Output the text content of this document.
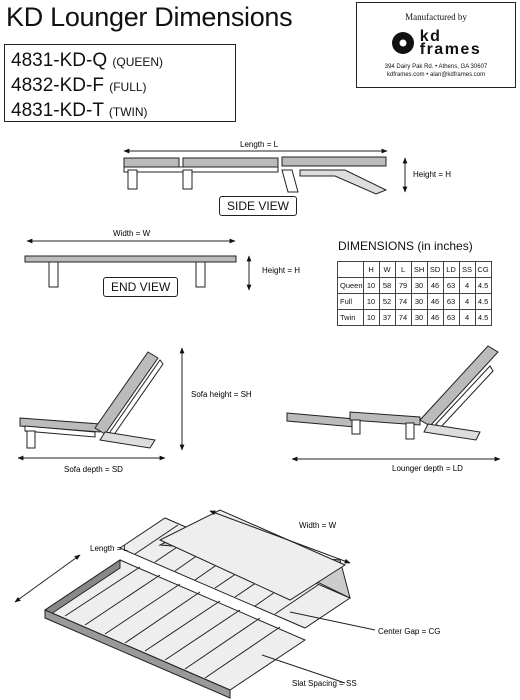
KD Lounger Dimensions
4831-KD-Q (QUEEN)
4832-KD-F (FULL)
4831-KD-T (TWIN)
Manufactured by
kd
frames
394 Dairy Pak Rd. • Athens, GA 30607
kdframes.com • alan@kdframes.com
Length = L
Height = H
Width = W
Height = H
Sofa height = SH
Sofa depth = SD	Lounger depth = LD
Width = W
Length = L
Center Gap = CG
Slat Spacing = SS
SIDE VIEW
END VIEW
DIMENSIONS (in inches)
	H	W	L	SH	SD	LD	SS	CG
Queen	10	58	79	30	46	63	4	4.5
Full	10	52	74	30	46	63	4	4.5
Twin	10	37	74	30	46	63	4	4.5
